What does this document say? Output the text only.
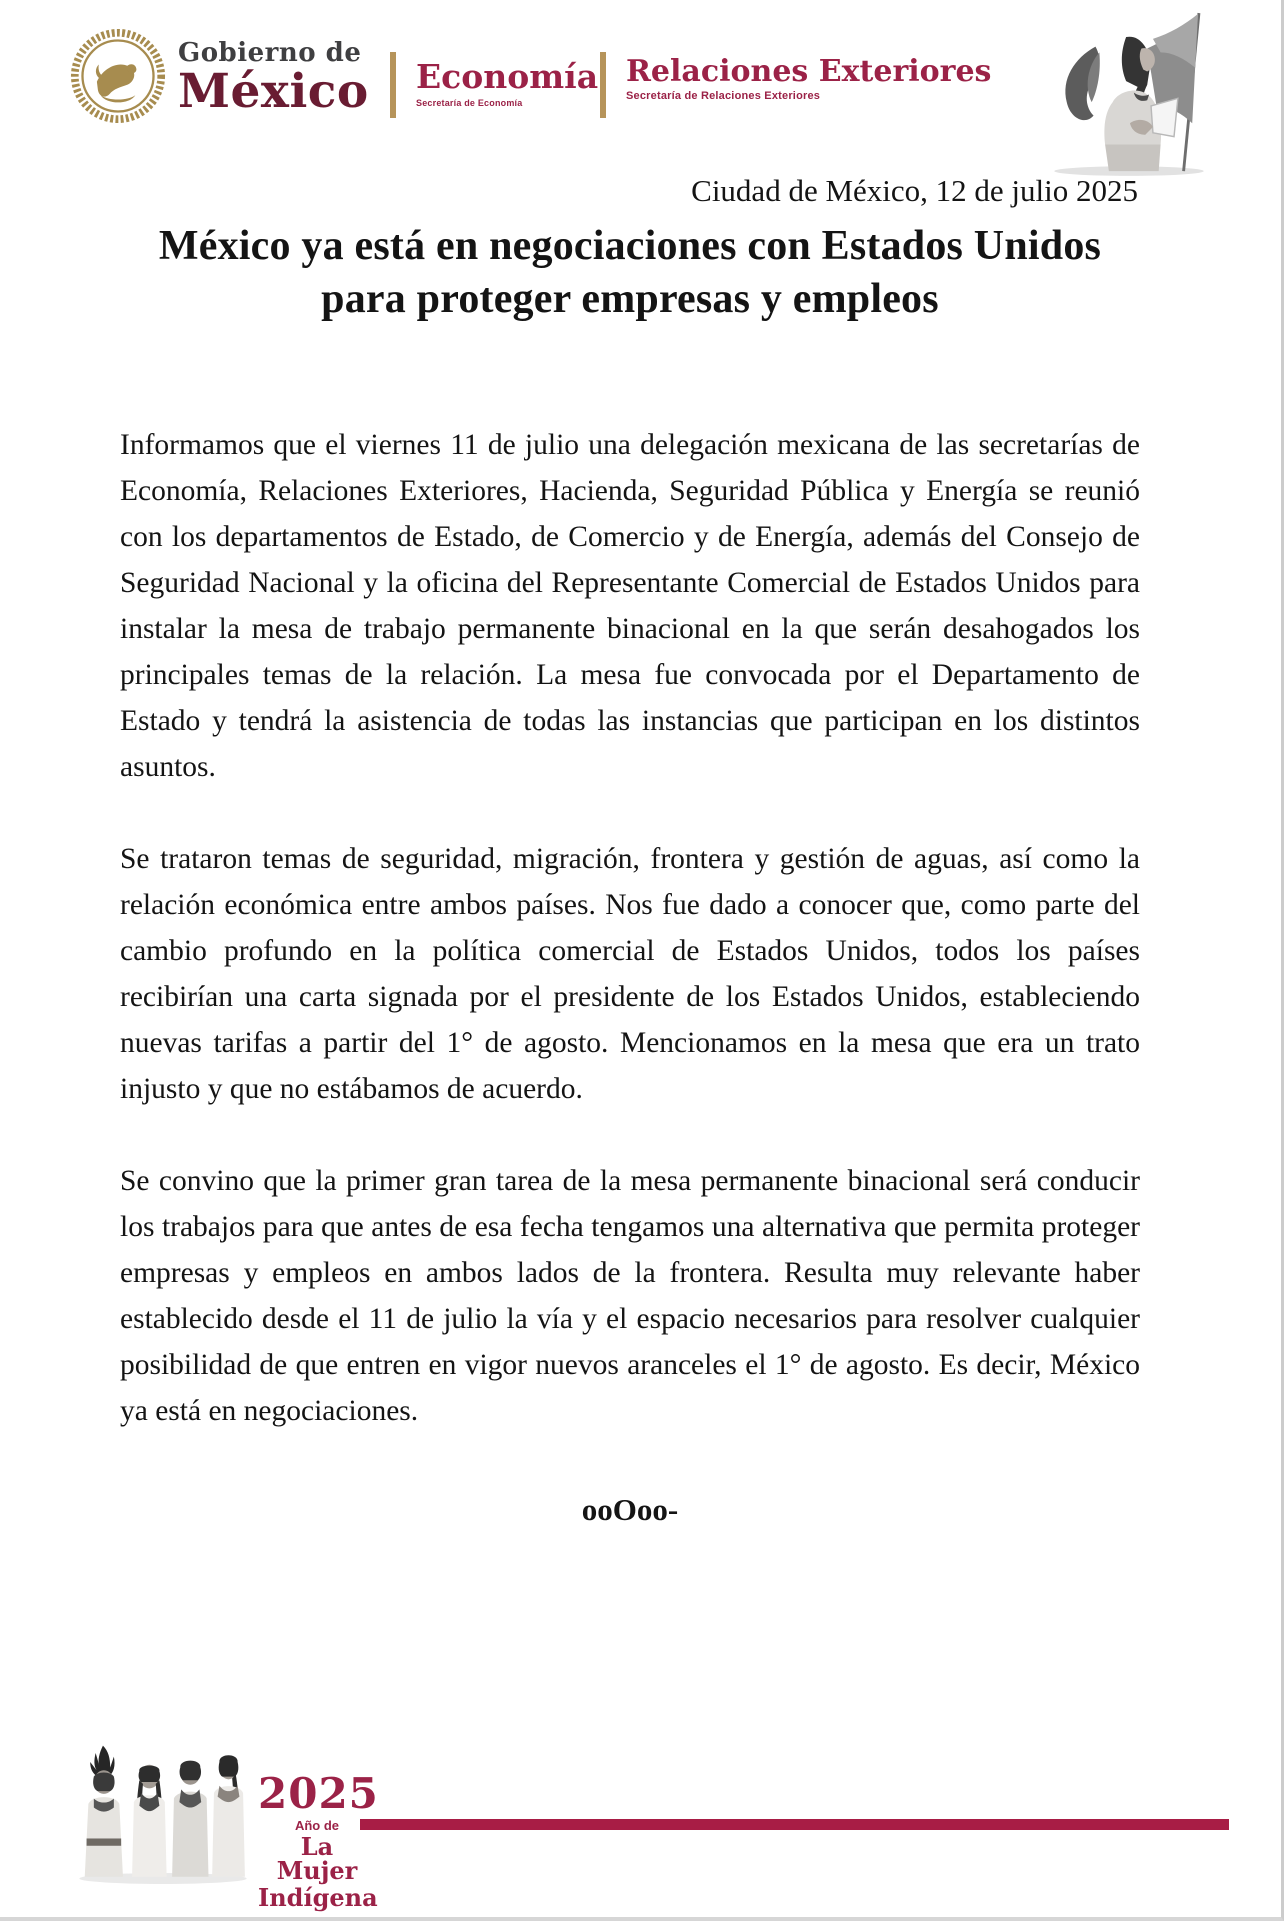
Gobierno de
México Economía
Secretaría de Economía
Relaciones Exteriores
Secretaría de Relaciones Exteriores
Ciudad de México, 12 de julio 2025
México ya está en negociaciones con Estados Unidos para proteger empresas y empleos

Informamos que el viernes 11 de julio una delegación mexicana de las secretarías de Economía, Relaciones Exteriores, Hacienda, Seguridad Pública y Energía se reunió con los departamentos de Estado, de Comercio y de Energía, además del Consejo de Seguridad Nacional y la oficina del Representante Comercial de Estados Unidos para instalar la mesa de trabajo permanente binacional en la que serán desahogados los principales temas de la relación. La mesa fue convocada por el Departamento de Estado y tendrá la asistencia de todas las instancias que participan en los distintos asuntos.

Se trataron temas de seguridad, migración, frontera y gestión de aguas, así como la relación económica entre ambos países. Nos fue dado a conocer que, como parte del cambio profundo en la política comercial de Estados Unidos, todos los países recibirían una carta signada por el presidente de los Estados Unidos, estableciendo nuevas tarifas a partir del 1° de agosto. Mencionamos en la mesa que era un trato injusto y que no estábamos de acuerdo.

Se convino que la primer gran tarea de la mesa permanente binacional será conducir los trabajos para que antes de esa fecha tengamos una alternativa que permita proteger empresas y empleos en ambos lados de la frontera. Resulta muy relevante haber establecido desde el 11 de julio la vía y el espacio necesarios para resolver cualquier posibilidad de que entren en vigor nuevos aranceles el 1° de agosto. Es decir, México ya está en negociaciones.

ooOoo-
2025
Año de
La Mujer
Indígena
